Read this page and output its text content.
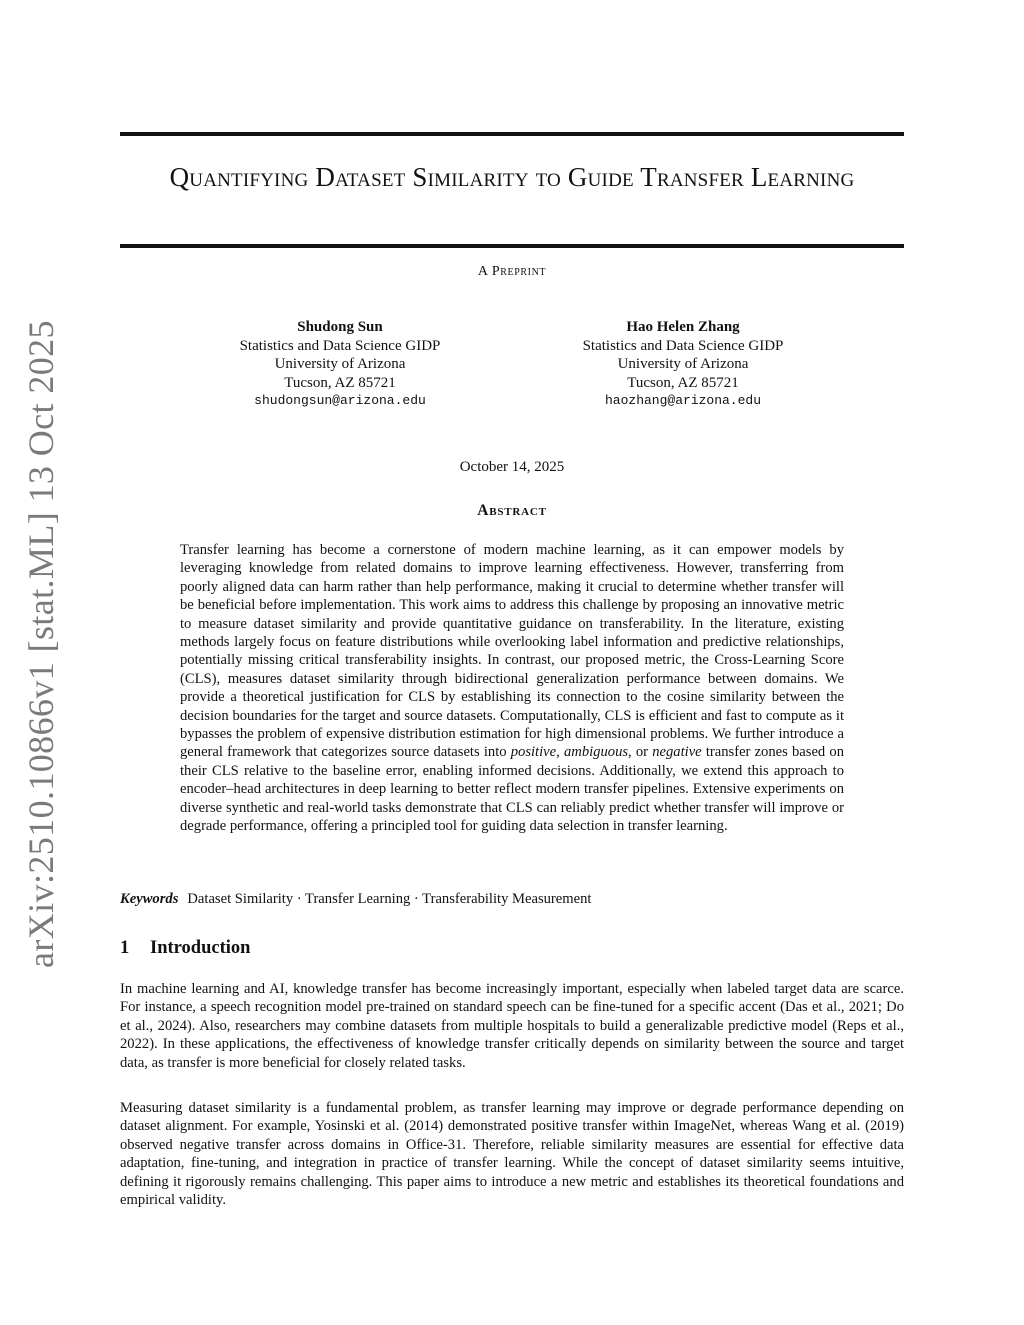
arXiv:2510.10866v1 [stat.ML] 13 Oct 2025
Quantifying Dataset Similarity to Guide Transfer Learning
A Preprint
Shudong Sun
Statistics and Data Science GIDP
University of Arizona
Tucson, AZ 85721
shudongsun@arizona.edu
Hao Helen Zhang
Statistics and Data Science GIDP
University of Arizona
Tucson, AZ 85721
haozhang@arizona.edu
October 14, 2025
Abstract
Transfer learning has become a cornerstone of modern machine learning, as it can empower models by leveraging knowledge from related domains to improve learning effectiveness. However, transferring from poorly aligned data can harm rather than help performance, making it crucial to determine whether transfer will be beneficial before implementation. This work aims to address this challenge by proposing an innovative metric to measure dataset similarity and provide quantitative guidance on transferability. In the literature, existing methods largely focus on feature distributions while overlooking label information and predictive relationships, potentially missing critical transferability insights. In contrast, our proposed metric, the Cross-Learning Score (CLS), measures dataset similarity through bidirectional generalization performance between domains. We provide a theoretical justification for CLS by establishing its connection to the cosine similarity between the decision boundaries for the target and source datasets. Computationally, CLS is efficient and fast to compute as it bypasses the problem of expensive distribution estimation for high dimensional problems. We further introduce a general framework that categorizes source datasets into positive, ambiguous, or negative transfer zones based on their CLS relative to the baseline error, enabling informed decisions. Additionally, we extend this approach to encoder–head architectures in deep learning to better reflect modern transfer pipelines. Extensive experiments on diverse synthetic and real-world tasks demonstrate that CLS can reliably predict whether transfer will improve or degrade performance, offering a principled tool for guiding data selection in transfer learning.
Keywords Dataset Similarity · Transfer Learning · Transferability Measurement
1 Introduction

In machine learning and AI, knowledge transfer has become increasingly important, especially when labeled target data are scarce. For instance, a speech recognition model pre-trained on standard speech can be fine-tuned for a specific accent (Das et al., 2021; Do et al., 2024). Also, researchers may combine datasets from multiple hospitals to build a generalizable predictive model (Reps et al., 2022). In these applications, the effectiveness of knowledge transfer critically depends on similarity between the source and target data, as transfer is more beneficial for closely related tasks.

Measuring dataset similarity is a fundamental problem, as transfer learning may improve or degrade performance depending on dataset alignment. For example, Yosinski et al. (2014) demonstrated positive transfer within ImageNet, whereas Wang et al. (2019) observed negative transfer across domains in Office-31. Therefore, reliable similarity measures are essential for effective data adaptation, fine-tuning, and integration in practice of transfer learning. While the concept of dataset similarity seems intuitive, defining it rigorously remains challenging. This paper aims to introduce a new metric and establishes its theoretical foundations and empirical validity.
